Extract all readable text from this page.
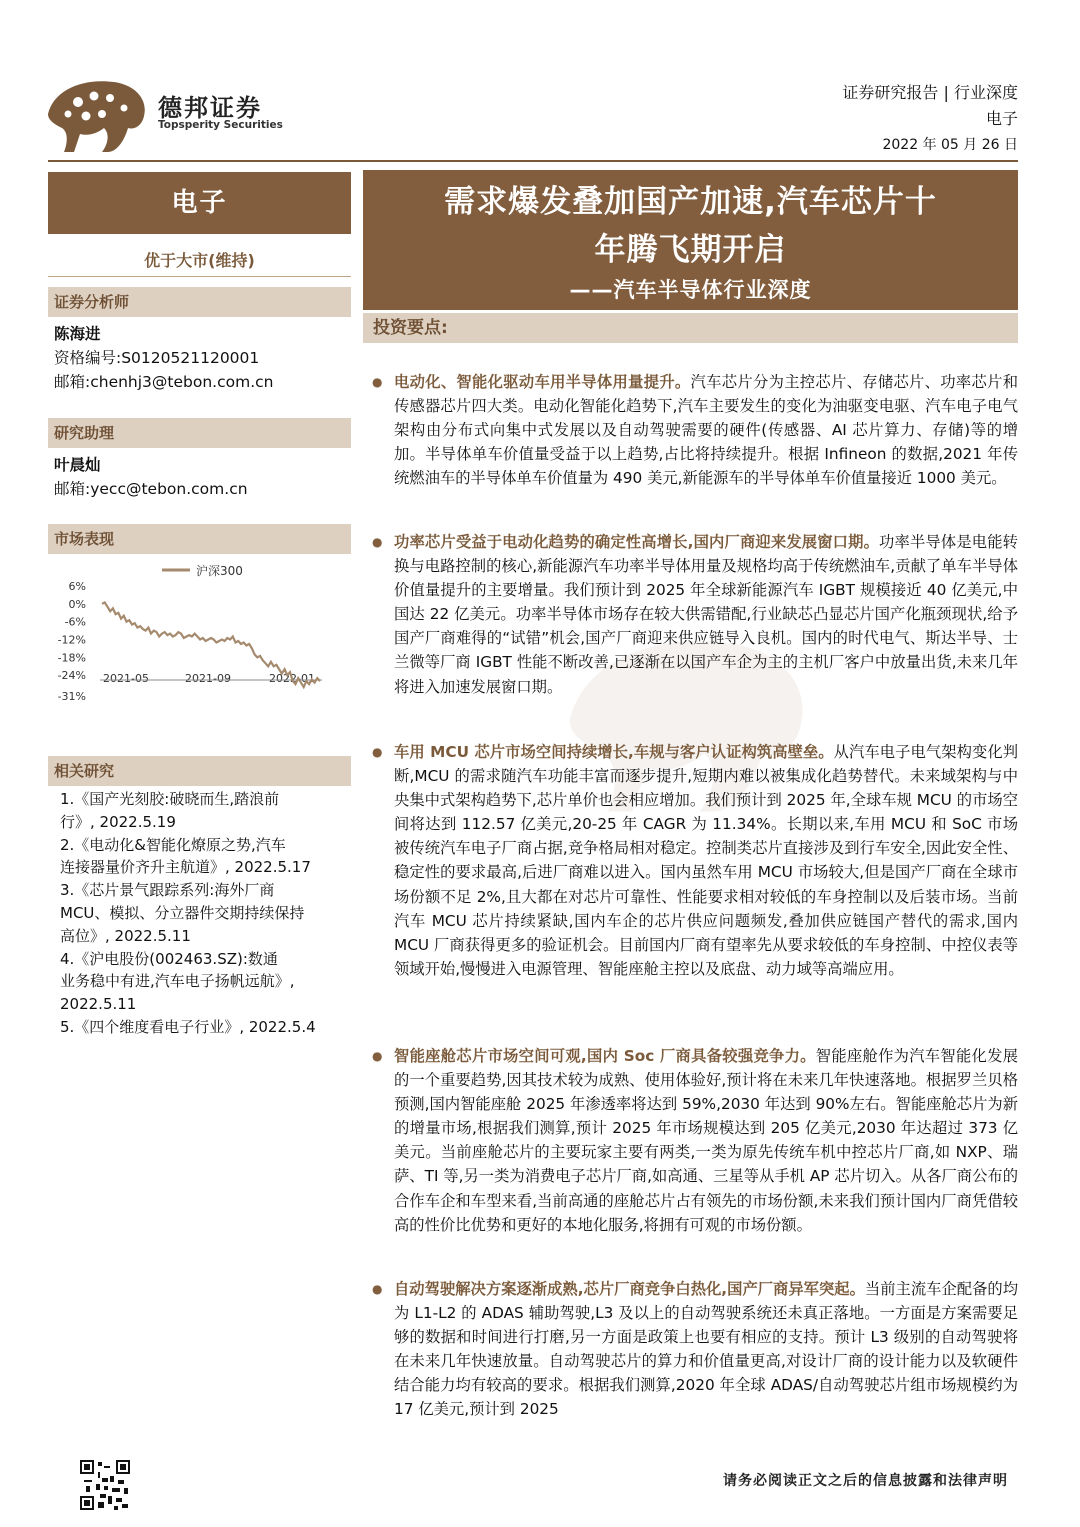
德邦证券
Topsperity Securities
证券研究报告 | 行业深度
电子
2022 年 05 月 26 日
电子
优于大市(维持)
证券分析师
陈海进
资格编号:S0120521120001
邮箱:chenhj3@tebon.com.cn
研究助理
叶晨灿
邮箱:yecc@tebon.com.cn
市场表现
6%
0%
-6%
-12%
-18%
-24%
-31%
2021-05	2021-09	2022-01
沪深300
相关研究
1.《国产光刻胶:破晓而生,踏浪前
行》, 2022.5.19
2.《电动化&智能化燎原之势,汽车
连接器量价齐升主航道》, 2022.5.17
3.《芯片景气跟踪系列:海外厂商
MCU、模拟、分立器件交期持续保持
高位》, 2022.5.11
4.《沪电股份(002463.SZ):数通
业务稳中有进,汽车电子扬帆远航》,
2022.5.11
5.《四个维度看电子行业》, 2022.5.4
需求爆发叠加国产加速,汽车芯片十
年腾飞期开启
——汽车半导体行业深度
投资要点:
● 电动化、智能化驱动车用半导体用量提升。汽车芯片分为主控芯片、存储芯片、功率芯片和传感器芯片四大类。电动化智能化趋势下,汽车主要发生的变化为油驱变电驱、汽车电子电气架构由分布式向集中式发展以及自动驾驶需要的硬件(传感器、AI 芯片算力、存储)等的增加。半导体单车价值量受益于以上趋势,占比将持续提升。根据 Infineon 的数据,2021 年传统燃油车的半导体单车价值量为 490 美元,新能源车的半导体单车价值量接近 1000 美元。
● 功率芯片受益于电动化趋势的确定性高增长,国内厂商迎来发展窗口期。功率半导体是电能转换与电路控制的核心,新能源汽车功率半导体用量及规格均高于传统燃油车,贡献了单车半导体价值量提升的主要增量。我们预计到 2025 年全球新能源汽车 IGBT 规模接近 40 亿美元,中国达 22 亿美元。功率半导体市场存在较大供需错配,行业缺芯凸显芯片国产化瓶颈现状,给予国产厂商难得的“试错”机会,国产厂商迎来供应链导入良机。国内的时代电气、斯达半导、士兰微等厂商 IGBT 性能不断改善,已逐渐在以国产车企为主的主机厂客户中放量出货,未来几年将进入加速发展窗口期。
● 车用 MCU 芯片市场空间持续增长,车规与客户认证构筑高壁垒。从汽车电子电气架构变化判断,MCU 的需求随汽车功能丰富而逐步提升,短期内难以被集成化趋势替代。未来域架构与中央集中式架构趋势下,芯片单价也会相应增加。我们预计到 2025 年,全球车规 MCU 的市场空间将达到 112.57 亿美元,20-25 年 CAGR 为 11.34%。长期以来,车用 MCU 和 SoC 市场被传统汽车电子厂商占据,竞争格局相对稳定。控制类芯片直接涉及到行车安全,因此安全性、稳定性的要求最高,后进厂商难以进入。国内虽然车用 MCU 市场较大,但是国产厂商在全球市场份额不足 2%,且大都在对芯片可靠性、性能要求相对较低的车身控制以及后装市场。当前汽车 MCU 芯片持续紧缺,国内车企的芯片供应问题频发,叠加供应链国产替代的需求,国内 MCU 厂商获得更多的验证机会。目前国内厂商有望率先从要求较低的车身控制、中控仪表等领域开始,慢慢进入电源管理、智能座舱主控以及底盘、动力域等高端应用。
● 智能座舱芯片市场空间可观,国内 Soc 厂商具备较强竞争力。智能座舱作为汽车智能化发展的一个重要趋势,因其技术较为成熟、使用体验好,预计将在未来几年快速落地。根据罗兰贝格预测,国内智能座舱 2025 年渗透率将达到 59%,2030 年达到 90%左右。智能座舱芯片为新的增量市场,根据我们测算,预计 2025 年市场规模达到 205 亿美元,2030 年达超过 373 亿美元。当前座舱芯片的主要玩家主要有两类,一类为原先传统车机中控芯片厂商,如 NXP、瑞萨、TI 等,另一类为消费电子芯片厂商,如高通、三星等从手机 AP 芯片切入。从各厂商公布的合作车企和车型来看,当前高通的座舱芯片占有领先的市场份额,未来我们预计国内厂商凭借较高的性价比优势和更好的本地化服务,将拥有可观的市场份额。
● 自动驾驶解决方案逐渐成熟,芯片厂商竞争白热化,国产厂商异军突起。当前主流车企配备的均为 L1-L2 的 ADAS 辅助驾驶,L3 及以上的自动驾驶系统还未真正落地。一方面是方案需要足够的数据和时间进行打磨,另一方面是政策上也要有相应的支持。预计 L3 级别的自动驾驶将在未来几年快速放量。自动驾驶芯片的算力和价值量更高,对设计厂商的设计能力以及软硬件结合能力均有较高的要求。根据我们测算,2020 年全球 ADAS/自动驾驶芯片组市场规模约为 17 亿美元,预计到 2025
请务必阅读正文之后的信息披露和法律声明
